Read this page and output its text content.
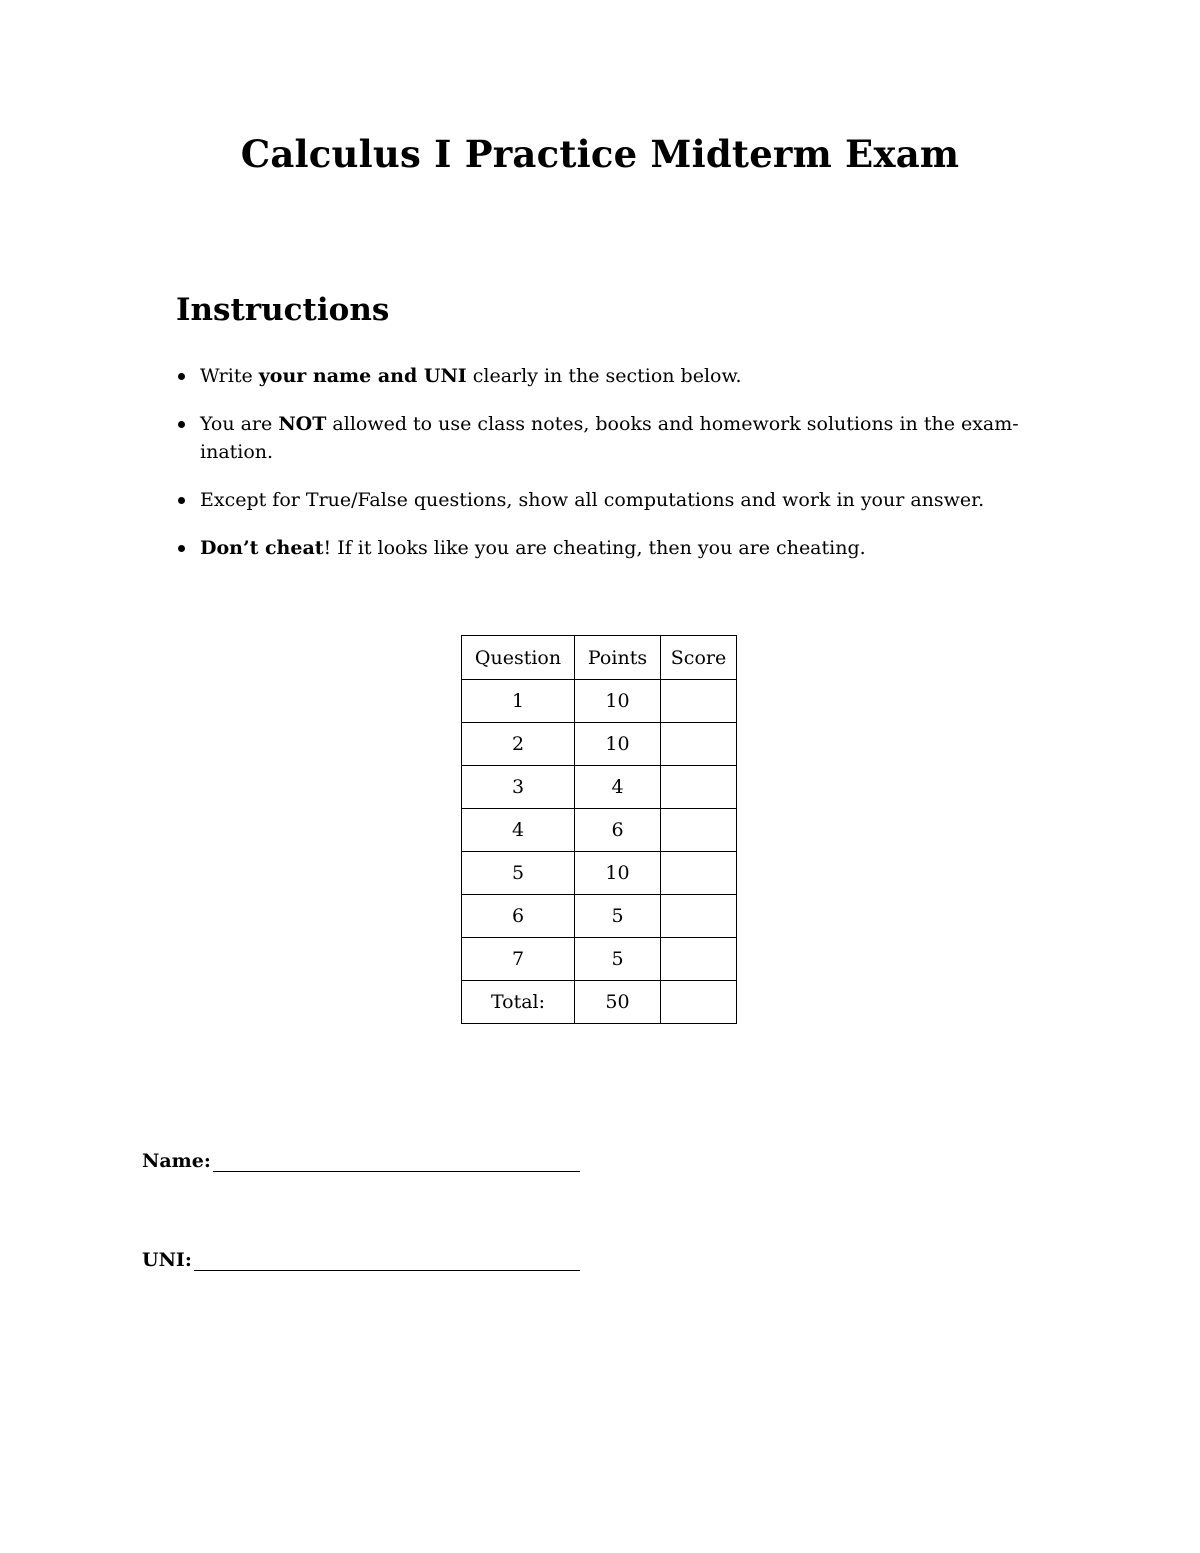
Calculus I Practice Midterm Exam
Instructions
Write your name and UNI clearly in the section below.
You are NOT allowed to use class notes, books and homework solutions in the exam-ination.
Except for True/False questions, show all computations and work in your answer.
Don’t cheat! If it looks like you are cheating, then you are cheating.
Question	Points	Score
1	10	
2	10	
3	4	
4	6	
5	10	
6	5	
7	5	
Total:	50	
Name:
UNI:
